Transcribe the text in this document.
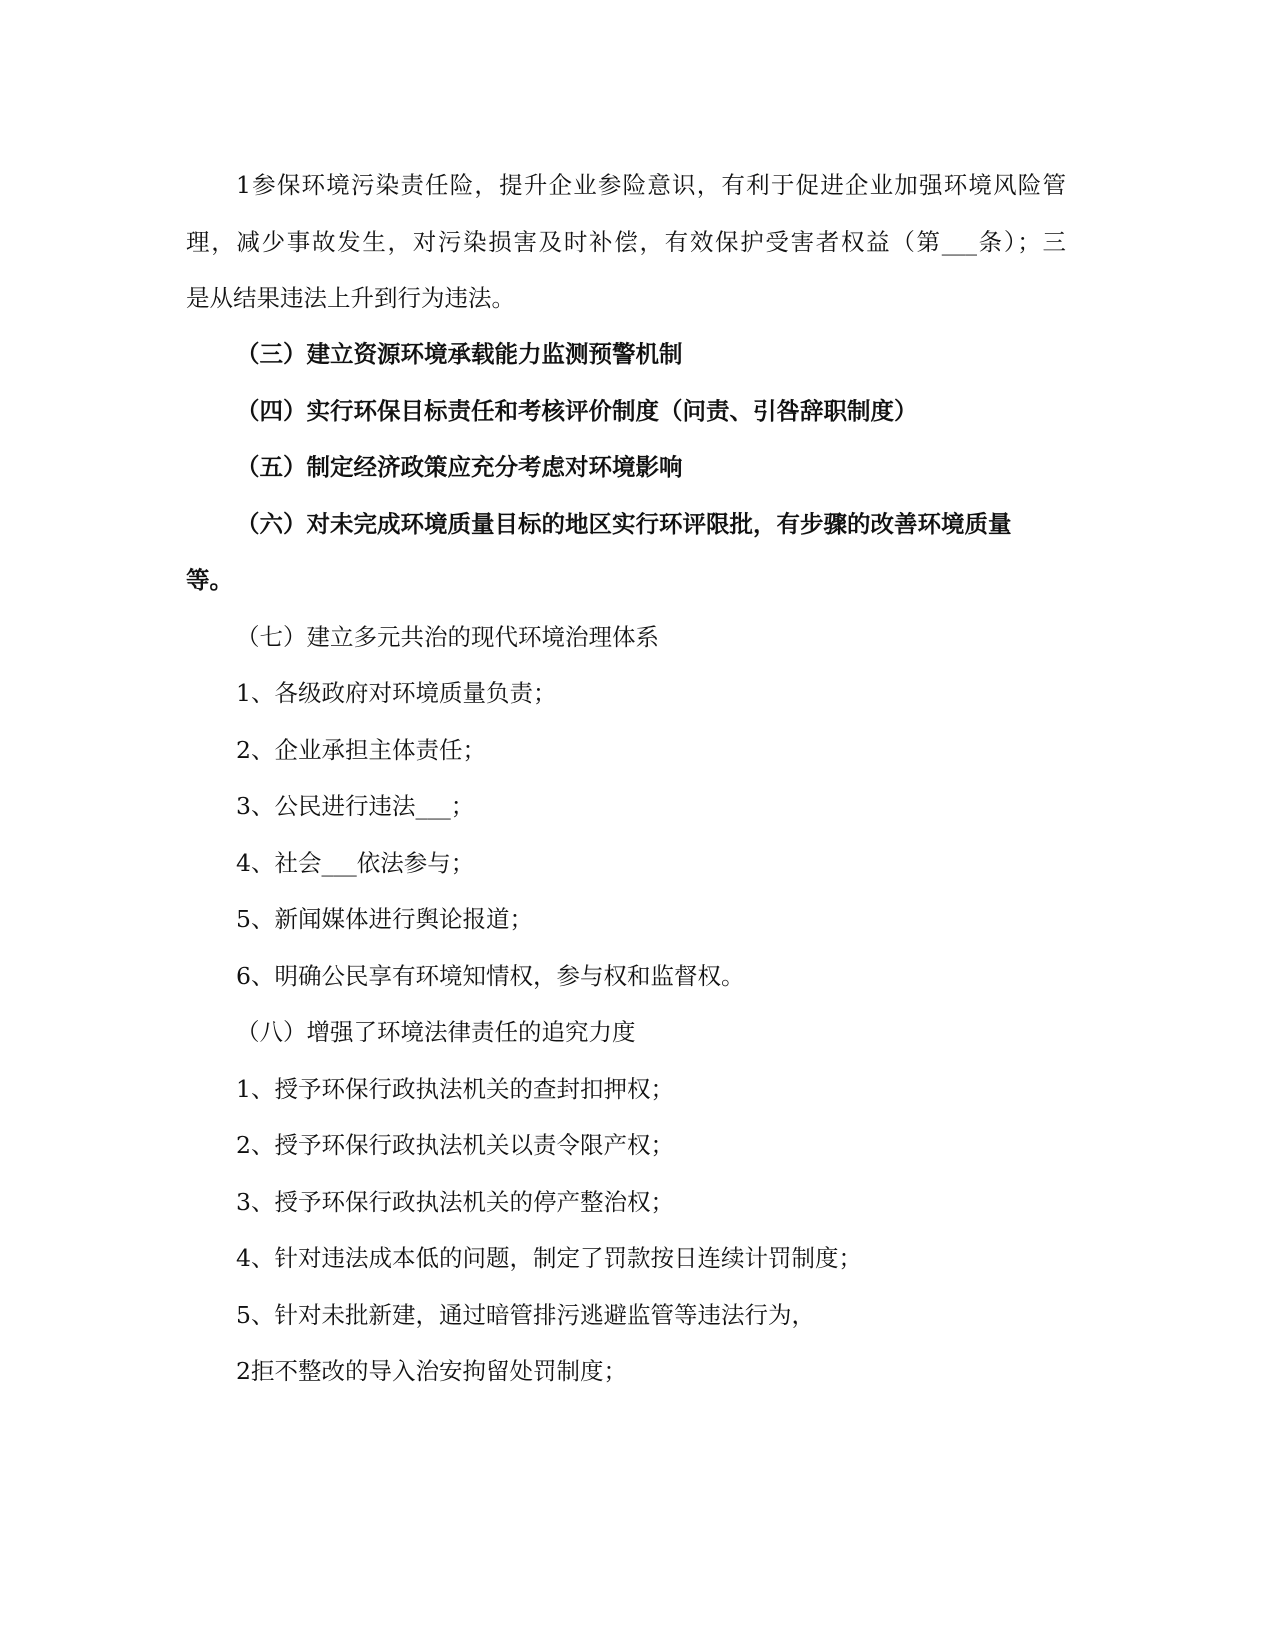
1参保环境污染责任险，提升企业参险意识，有利于促进企业加强环境风险管
理，减少事故发生，对污染损害及时补偿，有效保护受害者权益（第___条）；三
是从结果违法上升到行为违法。
（三）建立资源环境承载能力监测预警机制
（四）实行环保目标责任和考核评价制度（问责、引咎辞职制度）
（五）制定经济政策应充分考虑对环境影响
（六）对未完成环境质量目标的地区实行环评限批，有步骤的改善环境质量
等。
（七）建立多元共治的现代环境治理体系
1、各级政府对环境质量负责；
2、企业承担主体责任；
3、公民进行违法___；
4、社会___依法参与；
5、新闻媒体进行舆论报道；
6、明确公民享有环境知情权，参与权和监督权。
（八）增强了环境法律责任的追究力度
1、授予环保行政执法机关的查封扣押权；
2、授予环保行政执法机关以责令限产权；
3、授予环保行政执法机关的停产整治权；
4、针对违法成本低的问题，制定了罚款按日连续计罚制度；
5、针对未批新建，通过暗管排污逃避监管等违法行为，
2拒不整改的导入治安拘留处罚制度；
